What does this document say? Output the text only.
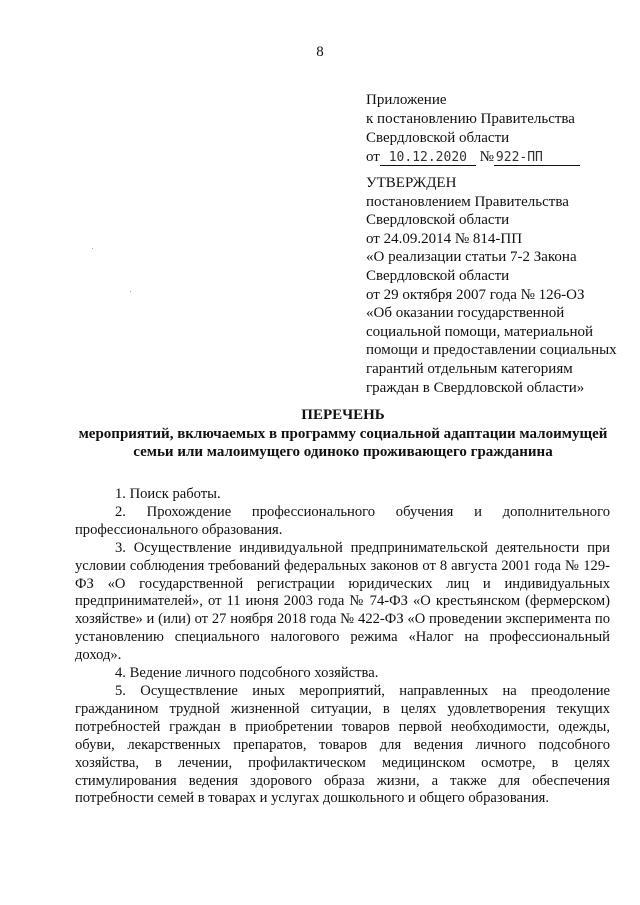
8
Приложение
к постановлению Правительства
Свердловской области
от 10.12.2020 № 922-ПП
УТВЕРЖДЕН
постановлением Правительства
Свердловской области
от 24.09.2014 № 814-ПП
«О реализации статьи 7-2 Закона
Свердловской области
от 29 октября 2007 года № 126-ОЗ
«Об оказании государственной
социальной помощи, материальной
помощи и предоставлении социальных
гарантий отдельным категориям
граждан в Свердловской области»
ПЕРЕЧЕНЬ
мероприятий, включаемых в программу социальной адаптации малоимущей
семьи или малоимущего одиноко проживающего гражданина

1. Поиск работы.

2. Прохождение профессионального обучения и дополнительного профессионального образования.

3. Осуществление индивидуальной предпринимательской деятельности при условии соблюдения требований федеральных законов от 8 августа 2001 года № 129-ФЗ «О государственной регистрации юридических лиц и индивидуальных предпринимателей», от 11 июня 2003 года № 74-ФЗ «О крестьянском (фермерском) хозяйстве» и (или) от 27 ноября 2018 года № 422-ФЗ «О проведении эксперимента по установлению специального налогового режима «Налог на профессиональный доход».

4. Ведение личного подсобного хозяйства.

5. Осуществление иных мероприятий, направленных на преодоление гражданином трудной жизненной ситуации, в целях удовлетворения текущих потребностей граждан в приобретении товаров первой необходимости, одежды, обуви, лекарственных препаратов, товаров для ведения личного подсобного хозяйства, в лечении, профилактическом медицинском осмотре, в целях стимулирования ведения здорового образа жизни, а также для обеспечения потребности семей в товарах и услугах дошкольного и общего образования.
